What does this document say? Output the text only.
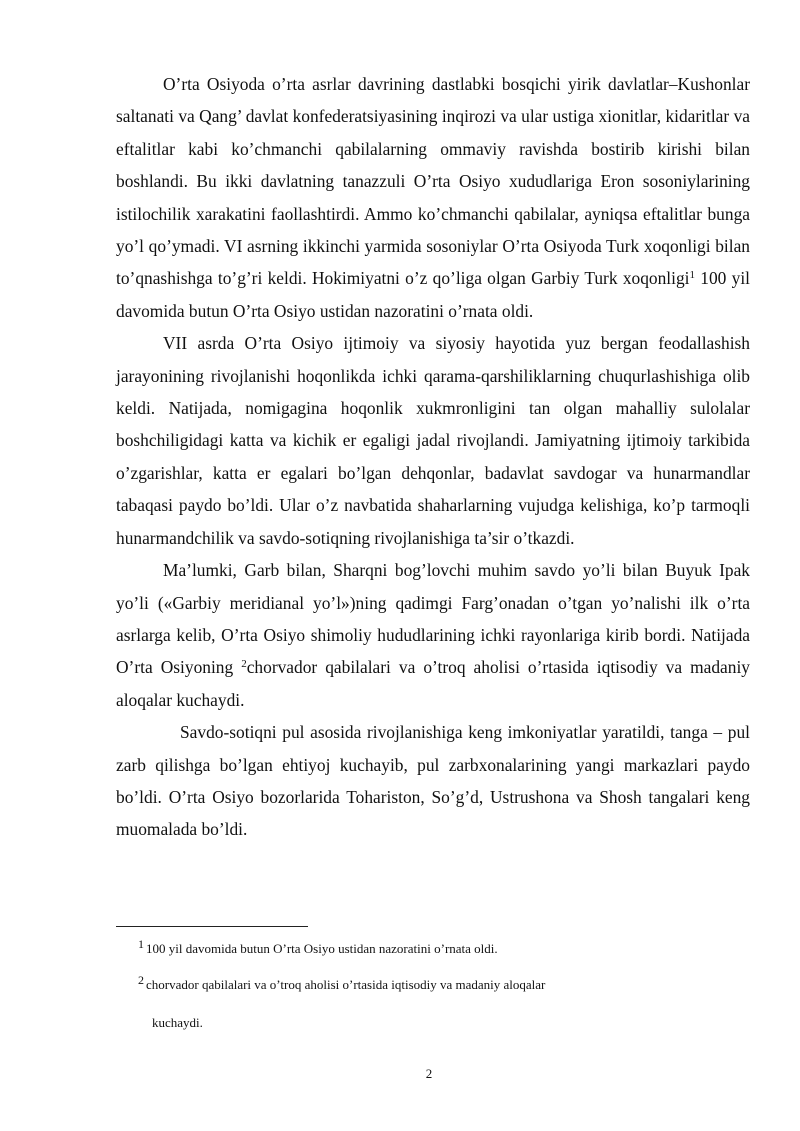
O’rta Osiyoda o’rta asrlar davrining dastlabki bosqichi yirik davlatlar–Kushonlar saltanati va Qang’ davlat konfederatsiyasining inqirozi va ular ustiga xionitlar, kidaritlar va eftalitlar kabi ko’chmanchi qabilalarning ommaviy ravishda bostirib kirishi bilan boshlandi. Bu ikki davlatning tanazzuli O’rta Osiyo xududlariga Eron sosoniylarining istilochilik xarakatini faollashtirdi. Ammo ko’chmanchi qabilalar, ayniqsa eftalitlar bunga yo’l qo’ymadi. VI asrning ikkinchi yarmida sosoniylar O’rta Osiyoda Turk xoqonligi bilan to’qnashishga to’g’ri keldi. Hokimiyatni o’z qo’liga olgan Garbiy Turk xoqonligi$^1$ 100 yil davomida butun O’rta Osiyo ustidan nazoratini o’rnata oldi.

VII asrda O’rta Osiyo ijtimoiy va siyosiy hayotida yuz bergan feodallashish jarayonining rivojlanishi hoqonlikda ichki qarama-qarshiliklarning chuqurlashishiga olib keldi. Natijada, nomigagina hoqonlik xukmronligini tan olgan mahalliy sulolalar boshchiligidagi katta va kichik er egaligi jadal rivojlandi. Jamiyatning ijtimoiy tarkibida o’zgarishlar, katta er egalari bo’lgan dehqonlar, badavlat savdogar va hunarmandlar tabaqasi paydo bo’ldi. Ular o’z navbatida shaharlarning vujudga kelishiga, ko’p tarmoqli hunarmandchilik va savdo-sotiqning rivojlanishiga ta’sir o’tkazdi.

Ma’lumki, Garb bilan, Sharqni bog’lovchi muhim savdo yo’li bilan Buyuk Ipak yo’li («Garbiy meridianal yo’l»)ning qadimgi Farg’onadan o’tgan yo’nalishi ilk o’rta asrlarga kelib, O’rta Osiyo shimoliy hududlarining ichki rayonlariga kirib bordi. Natijada O’rta Osiyoning $^2$chorvador qabilalari va o’troq aholisi o’rtasida iqtisodiy va madaniy aloqalar kuchaydi.

Savdo-sotiqni pul asosida rivojlanishiga keng imkoniyatlar yaratildi, tanga – pul zarb qilishga bo’lgan ehtiyoj kuchayib, pul zarbxonalarining yangi markazlari paydo bo’ldi. O’rta Osiyo bozorlarida Tohariston, So’g’d, Ustrushona va Shosh tangalari keng muomalada bo’ldi.

$^1$ 100 yil davomida butun O’rta Osiyo ustidan nazoratini o’rnata oldi.

$^2$ chorvador qabilalari va o’troq aholisi o’rtasida iqtisodiy va madaniy aloqalar

kuchaydi.
2
